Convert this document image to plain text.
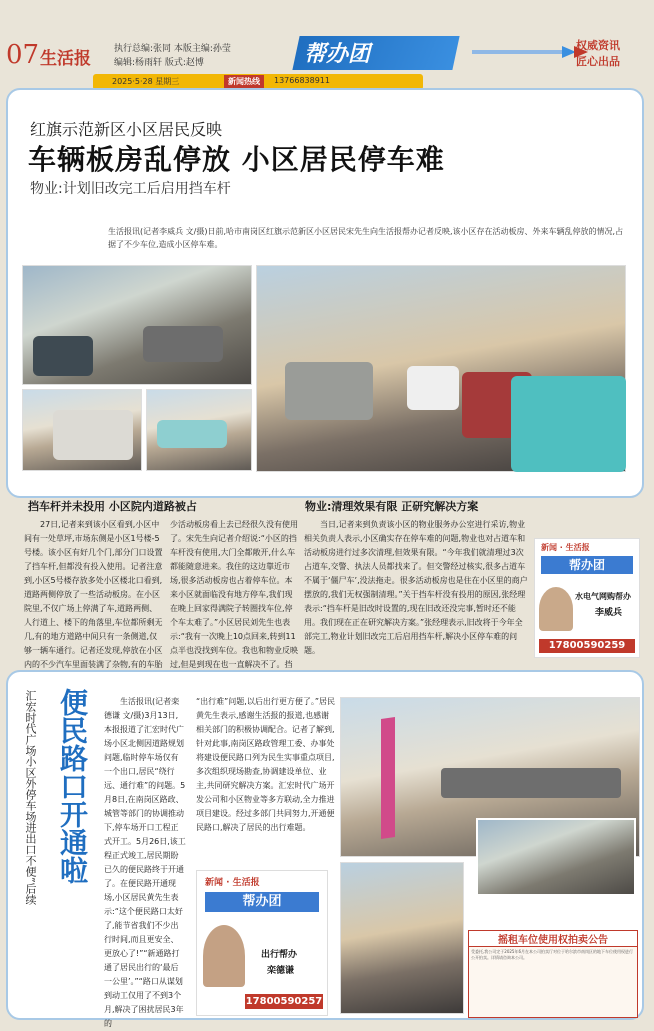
07 生活报	执行总编:张同 本版主编:孙莹
编辑:杨雨轩 版式:赵博
2025·5·28 星期三	新闻热线	13766838911
帮办团	权威资讯
匠心出品
红旗示范新区小区居民反映
车辆板房乱停放 小区居民停车难
物业:计划旧改完工后启用挡车杆
生活报讯(记者李威兵 文/摄)日前,哈市南岗区红旗示范新区小区居民宋先生向生活报帮办记者反映,该小区存在活动板房、外来车辆乱停放的情况,占据了不少车位,造成小区停车难。
挡车杆并未投用 小区院内道路被占
27日,记者来到该小区看到,小区中间有一处草坪,市场东侧是小区1号楼-5号楼。该小区有好几个门,部分门口设置了挡车杆,但都没有投入使用。记者注意到,小区5号楼存放多处小区楼北口看到,道路两侧停放了一些活动板房。在小区院里,不仅广场上停满了车,道路两侧、人行道上、楼下的角落里,车位都所剩无几,有的地方道路中间只有一条侧道,仅够一辆车通行。记者还发现,停放在小区内的不少汽车里面装满了杂物,有的车胎
少活动板房看上去已经很久没有使用了。宋先生向记者介绍说:“小区的挡车杆没有使用,大门全都敞开,什么车都能随意进来。我住的这边靠近市场,很多活动板房也占着停车位。本来小区就面临没有地方停车,我们现在晚上回家得满院子转圈找车位,停个车太难了。”小区居民刘先生也表示:“我有一次晚上10点回来,转到11点半也没找到车位。我也和物业反映过,但是到现在也一直解决不了。挡
物业:清理效果有限 正研究解决方案
当日,记者来到负责该小区的物业服务办公室进行采访,物业相关负责人表示,小区确实存在停车难的问题,物业也对占道车和活动板房进行过多次清理,但效果有限。“今年我们就清理过3次占道车,交警、执法人员都找来了。但交警经过核实,很多占道车不属于‘僵尸车’,没法拖走。很多活动板房也是住在小区里的商户摆放的,我们无权强制清理。”关于挡车杆没有投用的原因,张经理表示:“挡车杆是旧改时设置的,现在旧改还没完事,暂时还不能用。我们现在正在研究解决方案。”张经理表示,旧改将于今年全部完工,物业计划旧改完工后启用挡车杆,解决小区停车难的问题。
新闻 · 生活报
帮办团
水电气网购帮办
李威兵
17800590259
便民路口开通啦
汇宏时代广场小区外停车场进出口不便”后续	生活报讯(记者栾德谦 文/摄)3月13日,本报报道了汇宏时代广场小区北侧因道路规划问题,临时停车场仅有一个出口,居民“绕行远、通行难”的问题。5月8日,在南岗区路政、城管等部门的协调推动下,停车场开口工程正式开工。5月26日,该工程正式竣工,居民期盼已久的便民路终于开通了。在便民路开通现场,小区居民黄先生表示:“这个便民路口太好了,能节省我们不少出行时间,而且更安全、更放心了!”“新通路打通了居民出行的‘最后一公里’。”“路口从谋划到动工仅用了不到3个月,解决了困扰居民3年的
“出行难”问题,以后出行更方便了。”居民黄先生表示,感谢生活报的报道,也感谢相关部门的积极协调配合。记者了解到,针对此事,南岗区路政管理工委、办事处将建设便民路口列为民生实事重点项目,多次组织现场勘查,协调建设单位、业主,共同研究解决方案。汇宏时代广场开发公司和小区物业等多方联动,全力推进项目建设。经过多部门共同努力,开通便民路口,解决了居民的出行难题。
新闻 · 生活报
帮办团
出行帮办
栾德谦
17800590257
摇租车位使用权拍卖公告
受委托,我公司定于2025年6月在本公司拍卖厅对位于哈尔滨市南岗区的地下车位使用权进行公开拍卖。详情请咨询本公司。
